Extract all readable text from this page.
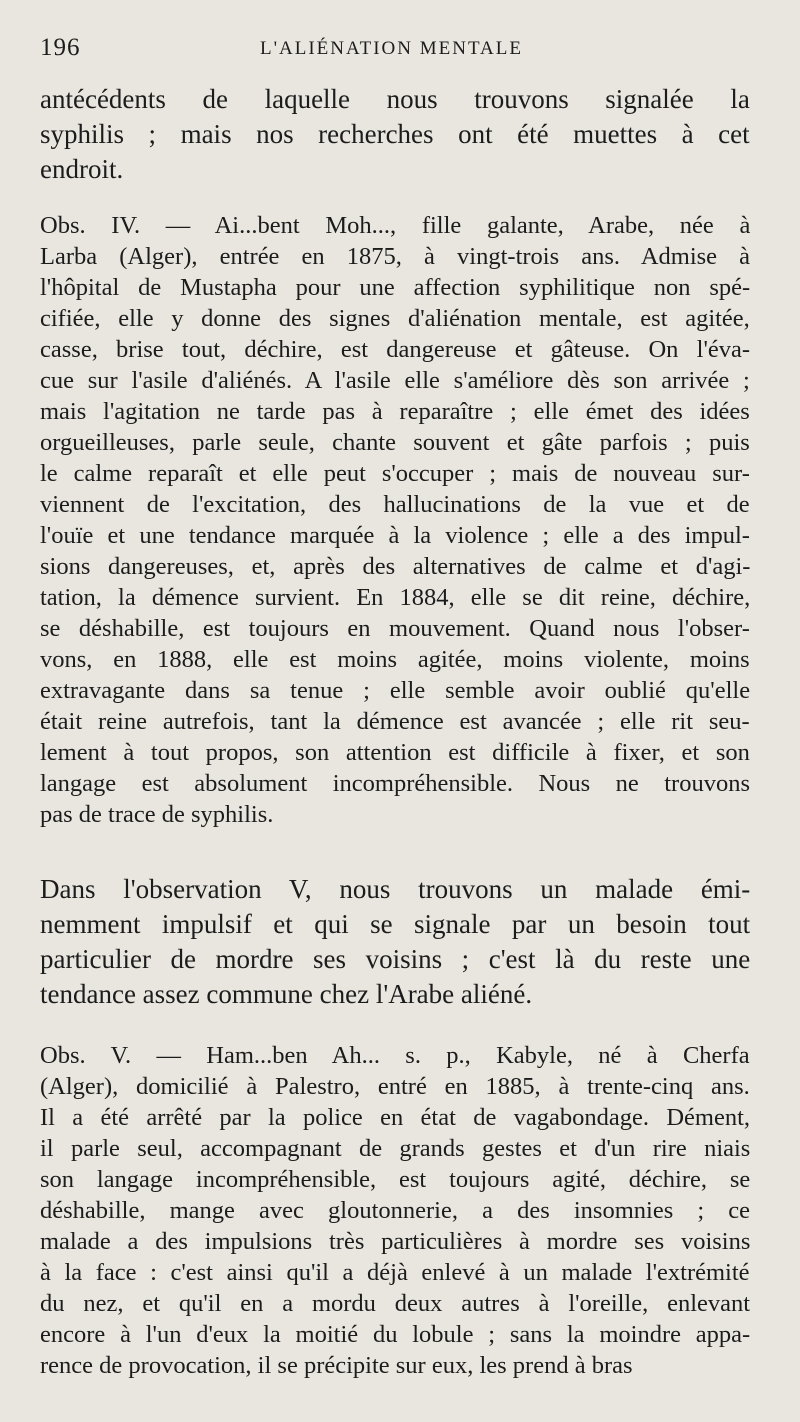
196	L'ALIÉNATION MENTALE
antécédents de laquelle nous trouvons signalée la
syphilis ; mais nos recherches ont été muettes à cet
endroit.
Obs. IV. — Ai...bent Moh..., fille galante, Arabe, née à
Larba (Alger), entrée en 1875, à vingt-trois ans. Admise à
l'hôpital de Mustapha pour une affection syphilitique non spé-
cifiée, elle y donne des signes d'aliénation mentale, est agitée,
casse, brise tout, déchire, est dangereuse et gâteuse. On l'éva-
cue sur l'asile d'aliénés. A l'asile elle s'améliore dès son arrivée ;
mais l'agitation ne tarde pas à reparaître ; elle émet des idées
orgueilleuses, parle seule, chante souvent et gâte parfois ; puis
le calme reparaît et elle peut s'occuper ; mais de nouveau sur-
viennent de l'excitation, des hallucinations de la vue et de
l'ouïe et une tendance marquée à la violence ; elle a des impul-
sions dangereuses, et, après des alternatives de calme et d'agi-
tation, la démence survient. En 1884, elle se dit reine, déchire,
se déshabille, est toujours en mouvement. Quand nous l'obser-
vons, en 1888, elle est moins agitée, moins violente, moins
extravagante dans sa tenue ; elle semble avoir oublié qu'elle
était reine autrefois, tant la démence est avancée ; elle rit seu-
lement à tout propos, son attention est difficile à fixer, et son
langage est absolument incompréhensible. Nous ne trouvons
pas de trace de syphilis.
Dans l'observation V, nous trouvons un malade émi-
nemment impulsif et qui se signale par un besoin tout
particulier de mordre ses voisins ; c'est là du reste une
tendance assez commune chez l'Arabe aliéné.
Obs. V. — Ham...ben Ah... s. p., Kabyle, né à Cherfa
(Alger), domicilié à Palestro, entré en 1885, à trente-cinq ans.
Il a été arrêté par la police en état de vagabondage. Dément,
il parle seul, accompagnant de grands gestes et d'un rire niais
son langage incompréhensible, est toujours agité, déchire, se
déshabille, mange avec gloutonnerie, a des insomnies ; ce
malade a des impulsions très particulières à mordre ses voisins
à la face : c'est ainsi qu'il a déjà enlevé à un malade l'extrémité
du nez, et qu'il en a mordu deux autres à l'oreille, enlevant
encore à l'un d'eux la moitié du lobule ; sans la moindre appa-
rence de provocation, il se précipite sur eux, les prend à bras
